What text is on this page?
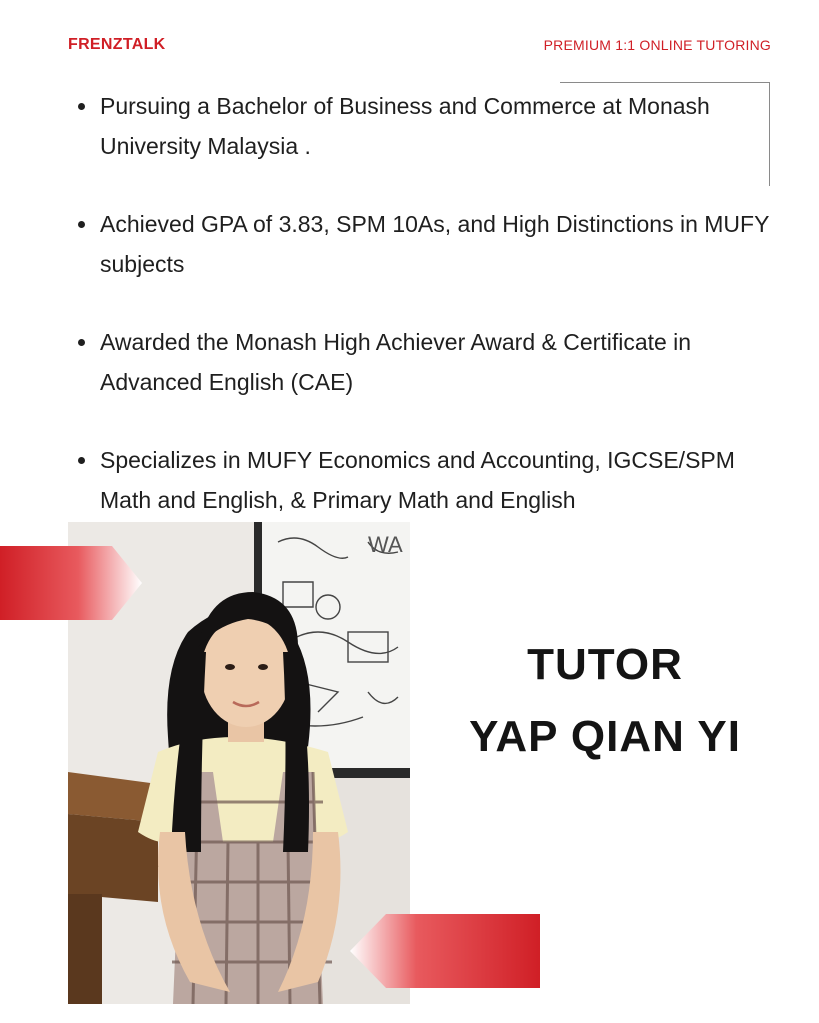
FRENZTALK	PREMIUM 1:1 ONLINE TUTORING
Pursuing a Bachelor of Business and Commerce at Monash University Malaysia .
Achieved GPA of 3.83, SPM 10As, and High Distinctions in MUFY subjects
Awarded the Monash High Achiever Award & Certificate in Advanced English (CAE)
Specializes in MUFY Economics and Accounting, IGCSE/SPM Math and English, & Primary Math and English
WA
TUTOR
YAP QIAN YI
